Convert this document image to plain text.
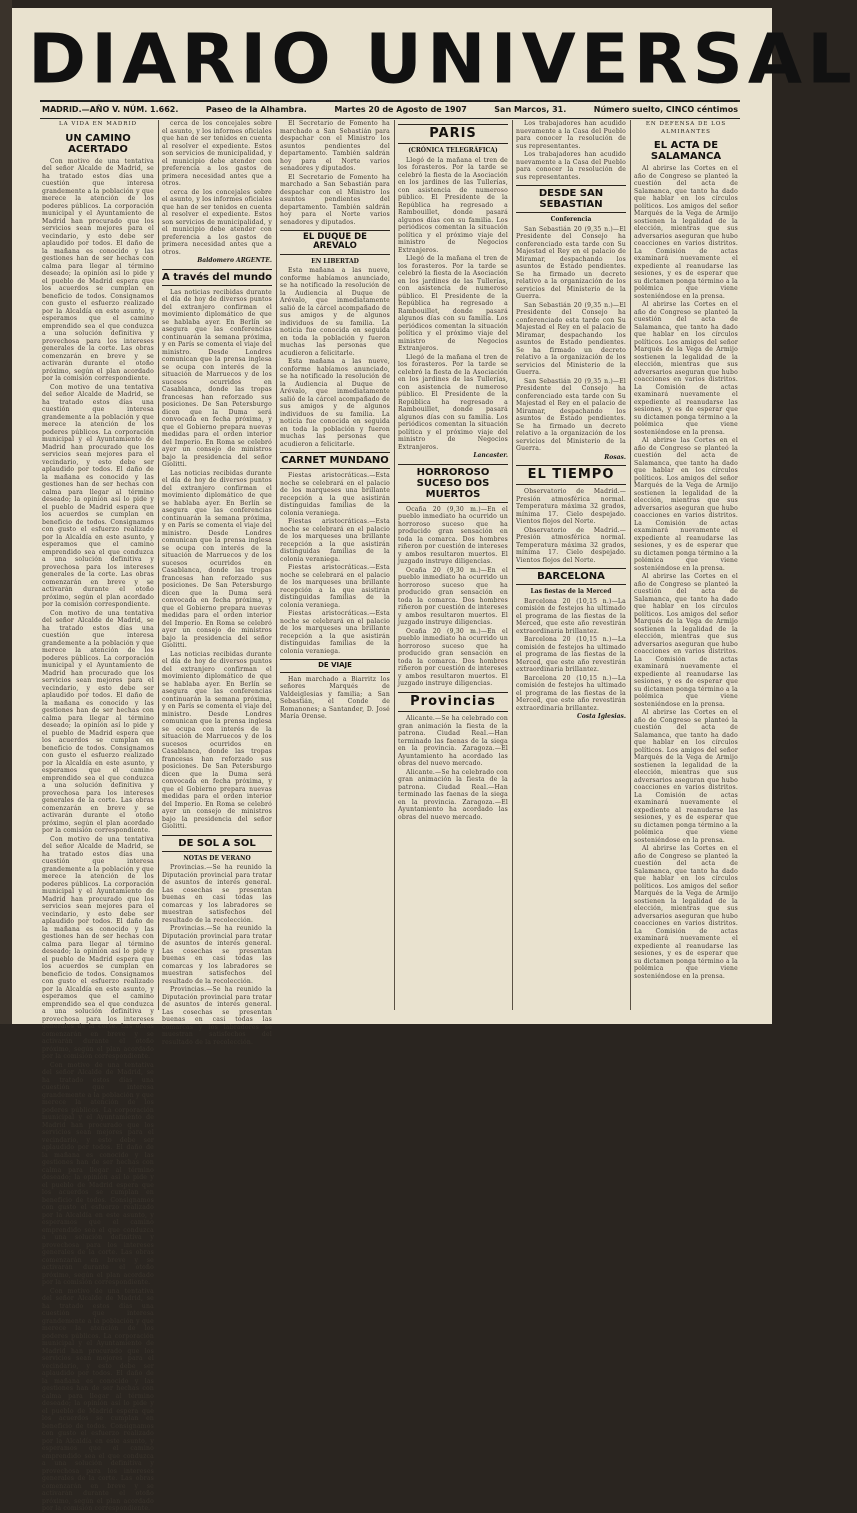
DIARIO UNIVERSAL
MADRID.—AÑO V. NÚM. 1.662.	Paseo de la Alhambra.	Martes 20 de Agosto de 1907	San Marcos, 31.	Número suelto, CINCO céntimos
LA VIDA EN MADRID
UN CAMINO ACERTADO

Con motivo de una tentativa del señor Alcalde de Madrid, se ha tratado estos días una cuestión que interesa grandemente a la población y que merece la atención de los poderes públicos. La corporación municipal y el Ayuntamiento de Madrid han procurado que los servicios sean mejores para el vecindario, y esto debe ser aplaudido por todos. El daño de la mañana es conocido y las gestiones han de ser hechas con calma para llegar al término deseado; la opinión así lo pide y el pueblo de Madrid espera que los acuerdos se cumplan en beneficio de todos. Consignamos con gusto el esfuerzo realizado por la Alcaldía en este asunto, y esperamos que el camino emprendido sea el que conduzca a una solución definitiva y provechosa para los intereses generales de la corte. Las obras comenzarán en breve y se activarán durante el otoño próximo, según el plan acordado por la comisión correspondiente.

Con motivo de una tentativa del señor Alcalde de Madrid, se ha tratado estos días una cuestión que interesa grandemente a la población y que merece la atención de los poderes públicos. La corporación municipal y el Ayuntamiento de Madrid han procurado que los servicios sean mejores para el vecindario, y esto debe ser aplaudido por todos. El daño de la mañana es conocido y las gestiones han de ser hechas con calma para llegar al término deseado; la opinión así lo pide y el pueblo de Madrid espera que los acuerdos se cumplan en beneficio de todos. Consignamos con gusto el esfuerzo realizado por la Alcaldía en este asunto, y esperamos que el camino emprendido sea el que conduzca a una solución definitiva y provechosa para los intereses generales de la corte. Las obras comenzarán en breve y se activarán durante el otoño próximo, según el plan acordado por la comisión correspondiente.

Con motivo de una tentativa del señor Alcalde de Madrid, se ha tratado estos días una cuestión que interesa grandemente a la población y que merece la atención de los poderes públicos. La corporación municipal y el Ayuntamiento de Madrid han procurado que los servicios sean mejores para el vecindario, y esto debe ser aplaudido por todos. El daño de la mañana es conocido y las gestiones han de ser hechas con calma para llegar al término deseado; la opinión así lo pide y el pueblo de Madrid espera que los acuerdos se cumplan en beneficio de todos. Consignamos con gusto el esfuerzo realizado por la Alcaldía en este asunto, y esperamos que el camino emprendido sea el que conduzca a una solución definitiva y provechosa para los intereses generales de la corte. Las obras comenzarán en breve y se activarán durante el otoño próximo, según el plan acordado por la comisión correspondiente.

Con motivo de una tentativa del señor Alcalde de Madrid, se ha tratado estos días una cuestión que interesa grandemente a la población y que merece la atención de los poderes públicos. La corporación municipal y el Ayuntamiento de Madrid han procurado que los servicios sean mejores para el vecindario, y esto debe ser aplaudido por todos. El daño de la mañana es conocido y las gestiones han de ser hechas con calma para llegar al término deseado; la opinión así lo pide y el pueblo de Madrid espera que los acuerdos se cumplan en beneficio de todos. Consignamos con gusto el esfuerzo realizado por la Alcaldía en este asunto, y esperamos que el camino emprendido sea el que conduzca a una solución definitiva y provechosa para los intereses generales de la corte. Las obras comenzarán en breve y se activarán durante el otoño próximo, según el plan acordado por la comisión correspondiente.

Con motivo de una tentativa del señor Alcalde de Madrid, se ha tratado estos días una cuestión que interesa grandemente a la población y que merece la atención de los poderes públicos. La corporación municipal y el Ayuntamiento de Madrid han procurado que los servicios sean mejores para el vecindario, y esto debe ser aplaudido por todos. El daño de la mañana es conocido y las gestiones han de ser hechas con calma para llegar al término deseado; la opinión así lo pide y el pueblo de Madrid espera que los acuerdos se cumplan en beneficio de todos. Consignamos con gusto el esfuerzo realizado por la Alcaldía en este asunto, y esperamos que el camino emprendido sea el que conduzca a una solución definitiva y provechosa para los intereses generales de la corte. Las obras comenzarán en breve y se activarán durante el otoño próximo, según el plan acordado por la comisión correspondiente.

Con motivo de una tentativa del señor Alcalde de Madrid, se ha tratado estos días una cuestión que interesa grandemente a la población y que merece la atención de los poderes públicos. La corporación municipal y el Ayuntamiento de Madrid han procurado que los servicios sean mejores para el vecindario, y esto debe ser aplaudido por todos. El daño de la mañana es conocido y las gestiones han de ser hechas con calma para llegar al término deseado; la opinión así lo pide y el pueblo de Madrid espera que los acuerdos se cumplan en beneficio de todos. Consignamos con gusto el esfuerzo realizado por la Alcaldía en este asunto, y esperamos que el camino emprendido sea el que conduzca a una solución definitiva y provechosa para los intereses generales de la corte. Las obras comenzarán en breve y se activarán durante el otoño próximo, según el plan acordado por la comisión correspondiente.

cerca de los concejales sobre el asunto, y los informes oficiales que han de ser tenidos en cuenta al resolver el expediente. Estos son servicios de municipalidad, y el municipio debe atender con preferencia a los gastos de primera necesidad antes que a otros.

cerca de los concejales sobre el asunto, y los informes oficiales que han de ser tenidos en cuenta al resolver el expediente. Estos son servicios de municipalidad, y el municipio debe atender con preferencia a los gastos de primera necesidad antes que a otros.

Baldomero ARGENTE.
A través del mundo

Las noticias recibidas durante el día de hoy de diversos puntos del extranjero confirman el movimiento diplomático de que se hablaba ayer. En Berlín se asegura que las conferencias continuarán la semana próxima, y en París se comenta el viaje del ministro. Desde Londres comunican que la prensa inglesa se ocupa con interés de la situación de Marruecos y de los sucesos ocurridos en Casablanca, donde las tropas francesas han reforzado sus posiciones. De San Petersburgo dicen que la Duma será convocada en fecha próxima, y que el Gobierno prepara nuevas medidas para el orden interior del Imperio. En Roma se celebró ayer un consejo de ministros bajo la presidencia del señor Giolitti.

Las noticias recibidas durante el día de hoy de diversos puntos del extranjero confirman el movimiento diplomático de que se hablaba ayer. En Berlín se asegura que las conferencias continuarán la semana próxima, y en París se comenta el viaje del ministro. Desde Londres comunican que la prensa inglesa se ocupa con interés de la situación de Marruecos y de los sucesos ocurridos en Casablanca, donde las tropas francesas han reforzado sus posiciones. De San Petersburgo dicen que la Duma será convocada en fecha próxima, y que el Gobierno prepara nuevas medidas para el orden interior del Imperio. En Roma se celebró ayer un consejo de ministros bajo la presidencia del señor Giolitti.

Las noticias recibidas durante el día de hoy de diversos puntos del extranjero confirman el movimiento diplomático de que se hablaba ayer. En Berlín se asegura que las conferencias continuarán la semana próxima, y en París se comenta el viaje del ministro. Desde Londres comunican que la prensa inglesa se ocupa con interés de la situación de Marruecos y de los sucesos ocurridos en Casablanca, donde las tropas francesas han reforzado sus posiciones. De San Petersburgo dicen que la Duma será convocada en fecha próxima, y que el Gobierno prepara nuevas medidas para el orden interior del Imperio. En Roma se celebró ayer un consejo de ministros bajo la presidencia del señor Giolitti.

DE SOL A SOL
NOTAS DE VERANO

Provincias.—Se ha reunido la Diputación provincial para tratar de asuntos de interés general. Las cosechas se presentan buenas en casi todas las comarcas y los labradores se muestran satisfechos del resultado de la recolección.

Provincias.—Se ha reunido la Diputación provincial para tratar de asuntos de interés general. Las cosechas se presentan buenas en casi todas las comarcas y los labradores se muestran satisfechos del resultado de la recolección.

Provincias.—Se ha reunido la Diputación provincial para tratar de asuntos de interés general. Las cosechas se presentan buenas en casi todas las comarcas y los labradores se muestran satisfechos del resultado de la recolección.

El Secretario de Fomento ha marchado a San Sebastián para despachar con el Ministro los asuntos pendientes del departamento. También saldrán hoy para el Norte varios senadores y diputados.

El Secretario de Fomento ha marchado a San Sebastián para despachar con el Ministro los asuntos pendientes del departamento. También saldrán hoy para el Norte varios senadores y diputados.

EL DUQUE DE AREVALO
EN LIBERTAD

Esta mañana a las nueve, conforme habíamos anunciado, se ha notificado la resolución de la Audiencia al Duque de Arévalo, que inmediatamente salió de la cárcel acompañado de sus amigos y de algunos individuos de su familia. La noticia fue conocida en seguida en toda la población y fueron muchas las personas que acudieron a felicitarle.

Esta mañana a las nueve, conforme habíamos anunciado, se ha notificado la resolución de la Audiencia al Duque de Arévalo, que inmediatamente salió de la cárcel acompañado de sus amigos y de algunos individuos de su familia. La noticia fue conocida en seguida en toda la población y fueron muchas las personas que acudieron a felicitarle.

CARNET MUNDANO

Fiestas aristocráticas.—Esta noche se celebrará en el palacio de los marqueses una brillante recepción a la que asistirán distinguidas familias de la colonia veraniega.

Fiestas aristocráticas.—Esta noche se celebrará en el palacio de los marqueses una brillante recepción a la que asistirán distinguidas familias de la colonia veraniega.

Fiestas aristocráticas.—Esta noche se celebrará en el palacio de los marqueses una brillante recepción a la que asistirán distinguidas familias de la colonia veraniega.

Fiestas aristocráticas.—Esta noche se celebrará en el palacio de los marqueses una brillante recepción a la que asistirán distinguidas familias de la colonia veraniega.

DE VIAJE

Han marchado a Biarritz los señores Marqués de Valdeiglesias y familia; a San Sebastián, el Conde de Romanones; a Santander, D. José María Orense.

PARIS
(CRÓNICA TELEGRÁFICA)

Llegó de la mañana el tren de los forasteros. Por la tarde se celebró la fiesta de la Asociación en los jardines de las Tullerías, con asistencia de numeroso público. El Presidente de la República ha regresado a Rambouillet, donde pasará algunos días con su familia. Los periódicos comentan la situación política y el próximo viaje del ministro de Negocios Extranjeros.

Llegó de la mañana el tren de los forasteros. Por la tarde se celebró la fiesta de la Asociación en los jardines de las Tullerías, con asistencia de numeroso público. El Presidente de la República ha regresado a Rambouillet, donde pasará algunos días con su familia. Los periódicos comentan la situación política y el próximo viaje del ministro de Negocios Extranjeros.

Llegó de la mañana el tren de los forasteros. Por la tarde se celebró la fiesta de la Asociación en los jardines de las Tullerías, con asistencia de numeroso público. El Presidente de la República ha regresado a Rambouillet, donde pasará algunos días con su familia. Los periódicos comentan la situación política y el próximo viaje del ministro de Negocios Extranjeros.

Lancaster.
HORROROSO SUCESO DOS MUERTOS

Ocaña 20 (9,30 m.)—En el pueblo inmediato ha ocurrido un horroroso suceso que ha producido gran sensación en toda la comarca. Dos hombres riñeron por cuestión de intereses y ambos resultaron muertos. El juzgado instruye diligencias.

Ocaña 20 (9,30 m.)—En el pueblo inmediato ha ocurrido un horroroso suceso que ha producido gran sensación en toda la comarca. Dos hombres riñeron por cuestión de intereses y ambos resultaron muertos. El juzgado instruye diligencias.

Ocaña 20 (9,30 m.)—En el pueblo inmediato ha ocurrido un horroroso suceso que ha producido gran sensación en toda la comarca. Dos hombres riñeron por cuestión de intereses y ambos resultaron muertos. El juzgado instruye diligencias.

Provincias

Alicante.—Se ha celebrado con gran animación la fiesta de la patrona. Ciudad Real.—Han terminado las faenas de la siega en la provincia. Zaragoza.—El Ayuntamiento ha acordado las obras del nuevo mercado.

Alicante.—Se ha celebrado con gran animación la fiesta de la patrona. Ciudad Real.—Han terminado las faenas de la siega en la provincia. Zaragoza.—El Ayuntamiento ha acordado las obras del nuevo mercado.

Los trabajadores han acudido nuevamente a la Casa del Pueblo para conocer la resolución de sus representantes.

Los trabajadores han acudido nuevamente a la Casa del Pueblo para conocer la resolución de sus representantes.

DESDE SAN SEBASTIAN
Conferencia

San Sebastián 20 (9,35 n.)—El Presidente del Consejo ha conferenciado esta tarde con Su Majestad el Rey en el palacio de Miramar, despachando los asuntos de Estado pendientes. Se ha firmado un decreto relativo a la organización de los servicios del Ministerio de la Guerra.

San Sebastián 20 (9,35 n.)—El Presidente del Consejo ha conferenciado esta tarde con Su Majestad el Rey en el palacio de Miramar, despachando los asuntos de Estado pendientes. Se ha firmado un decreto relativo a la organización de los servicios del Ministerio de la Guerra.

San Sebastián 20 (9,35 n.)—El Presidente del Consejo ha conferenciado esta tarde con Su Majestad el Rey en el palacio de Miramar, despachando los asuntos de Estado pendientes. Se ha firmado un decreto relativo a la organización de los servicios del Ministerio de la Guerra.

Rosas.
EL TIEMPO

Observatorio de Madrid.—Presión atmosférica normal. Temperatura máxima 32 grados, mínima 17. Cielo despejado. Vientos flojos del Norte.

Observatorio de Madrid.—Presión atmosférica normal. Temperatura máxima 32 grados, mínima 17. Cielo despejado. Vientos flojos del Norte.

BARCELONA
Las fiestas de la Merced

Barcelona 20 (10,15 n.)—La comisión de festejos ha ultimado el programa de las fiestas de la Merced, que este año revestirán extraordinaria brillantez.

Barcelona 20 (10,15 n.)—La comisión de festejos ha ultimado el programa de las fiestas de la Merced, que este año revestirán extraordinaria brillantez.

Barcelona 20 (10,15 n.)—La comisión de festejos ha ultimado el programa de las fiestas de la Merced, que este año revestirán extraordinaria brillantez.

Costa Iglesias.
EN DEFENSA DE LOS ALMIRANTES
EL ACTA DE SALAMANCA

Al abrirse las Cortes en el año de Congreso se planteó la cuestión del acta de Salamanca, que tanto ha dado que hablar en los círculos políticos. Los amigos del señor Marqués de la Vega de Armijo sostienen la legalidad de la elección, mientras que sus adversarios aseguran que hubo coacciones en varios distritos. La Comisión de actas examinará nuevamente el expediente al reanudarse las sesiones, y es de esperar que su dictamen ponga término a la polémica que viene sosteniéndose en la prensa.

Al abrirse las Cortes en el año de Congreso se planteó la cuestión del acta de Salamanca, que tanto ha dado que hablar en los círculos políticos. Los amigos del señor Marqués de la Vega de Armijo sostienen la legalidad de la elección, mientras que sus adversarios aseguran que hubo coacciones en varios distritos. La Comisión de actas examinará nuevamente el expediente al reanudarse las sesiones, y es de esperar que su dictamen ponga término a la polémica que viene sosteniéndose en la prensa.

Al abrirse las Cortes en el año de Congreso se planteó la cuestión del acta de Salamanca, que tanto ha dado que hablar en los círculos políticos. Los amigos del señor Marqués de la Vega de Armijo sostienen la legalidad de la elección, mientras que sus adversarios aseguran que hubo coacciones en varios distritos. La Comisión de actas examinará nuevamente el expediente al reanudarse las sesiones, y es de esperar que su dictamen ponga término a la polémica que viene sosteniéndose en la prensa.

Al abrirse las Cortes en el año de Congreso se planteó la cuestión del acta de Salamanca, que tanto ha dado que hablar en los círculos políticos. Los amigos del señor Marqués de la Vega de Armijo sostienen la legalidad de la elección, mientras que sus adversarios aseguran que hubo coacciones en varios distritos. La Comisión de actas examinará nuevamente el expediente al reanudarse las sesiones, y es de esperar que su dictamen ponga término a la polémica que viene sosteniéndose en la prensa.

Al abrirse las Cortes en el año de Congreso se planteó la cuestión del acta de Salamanca, que tanto ha dado que hablar en los círculos políticos. Los amigos del señor Marqués de la Vega de Armijo sostienen la legalidad de la elección, mientras que sus adversarios aseguran que hubo coacciones en varios distritos. La Comisión de actas examinará nuevamente el expediente al reanudarse las sesiones, y es de esperar que su dictamen ponga término a la polémica que viene sosteniéndose en la prensa.

Al abrirse las Cortes en el año de Congreso se planteó la cuestión del acta de Salamanca, que tanto ha dado que hablar en los círculos políticos. Los amigos del señor Marqués de la Vega de Armijo sostienen la legalidad de la elección, mientras que sus adversarios aseguran que hubo coacciones en varios distritos. La Comisión de actas examinará nuevamente el expediente al reanudarse las sesiones, y es de esperar que su dictamen ponga término a la polémica que viene sosteniéndose en la prensa.
